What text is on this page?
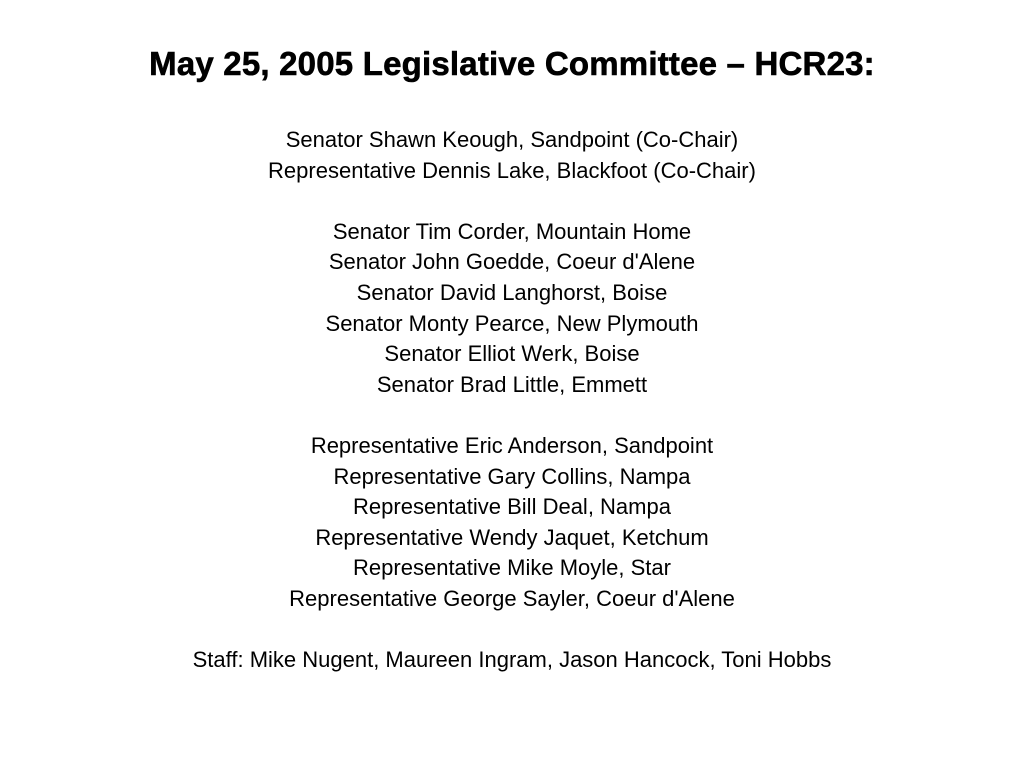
May 25, 2005 Legislative Committee – HCR23:
Senator Shawn Keough, Sandpoint (Co-Chair)
Representative Dennis Lake, Blackfoot (Co-Chair)
Senator Tim Corder, Mountain Home
Senator John Goedde, Coeur d'Alene
Senator David Langhorst, Boise
Senator Monty Pearce, New Plymouth
Senator Elliot Werk, Boise
Senator Brad Little, Emmett
Representative Eric Anderson, Sandpoint
Representative Gary Collins, Nampa
Representative Bill Deal, Nampa
Representative Wendy Jaquet, Ketchum
Representative Mike Moyle, Star
Representative George Sayler, Coeur d'Alene
Staff: Mike Nugent, Maureen Ingram, Jason Hancock, Toni Hobbs
